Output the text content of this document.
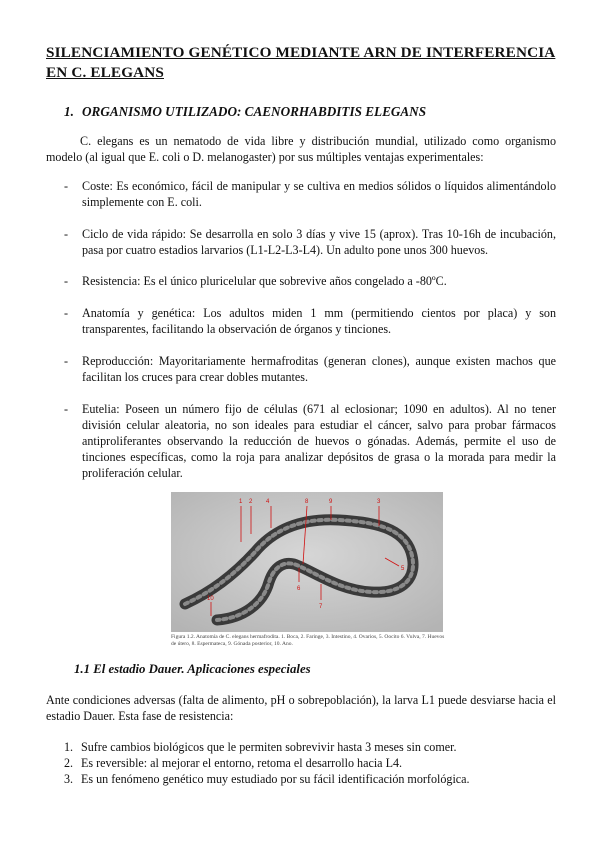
SILENCIAMIENTO GENÉTICO MEDIANTE ARN DE INTERFERENCIA EN C. ELEGANS
1. ORGANISMO UTILIZADO: CAENORHABDITIS ELEGANS
C. elegans es un nematodo de vida libre y distribución mundial, utilizado como organismo modelo (al igual que E. coli o D. melanogaster) por sus múltiples ventajas experimentales:
- Coste: Es económico, fácil de manipular y se cultiva en medios sólidos o líquidos alimentándolo simplemente con E. coli.
- Ciclo de vida rápido: Se desarrolla en solo 3 días y vive 15 (aprox). Tras 10-16h de incubación, pasa por cuatro estadios larvarios (L1-L2-L3-L4). Un adulto pone unos 300 huevos.
- Resistencia: Es el único pluricelular que sobrevive años congelado a -80ºC.
- Anatomía y genética: Los adultos miden 1 mm (permitiendo cientos por placa) y son transparentes, facilitando la observación de órganos y tinciones.
- Reproducción: Mayoritariamente hermafroditas (generan clones), aunque existen machos que facilitan los cruces para crear dobles mutantes.
- Eutelia: Poseen un número fijo de células (671 al eclosionar; 1090 en adultos). Al no tener división celular aleatoria, no son ideales para estudiar el cáncer, salvo para probar fármacos antiproliferantes observando la reducción de huevos o gónadas. Además, permite el uso de tinciones específicas, como la roja para analizar depósitos de grasa o la morada para medir la proliferación celular.
1 2	3
4
5
6
7
8	9
10
Figura 1.2. Anatomía de C. elegans hermafrodita. 1. Boca, 2. Faringe, 3. Intestino, 4. Ovarios, 5. Oocito 6. Vulva, 7. Huevos de útero, 8. Espermateca, 9. Gónada posterior, 10. Ano.
1.1 El estadio Dauer. Aplicaciones especiales
Ante condiciones adversas (falta de alimento, pH o sobrepoblación), la larva L1 puede desviarse hacia el estadio Dauer. Esta fase de resistencia:
1. Sufre cambios biológicos que le permiten sobrevivir hasta 3 meses sin comer.
2. Es reversible: al mejorar el entorno, retoma el desarrollo hacia L4.
3. Es un fenómeno genético muy estudiado por su fácil identificación morfológica.
